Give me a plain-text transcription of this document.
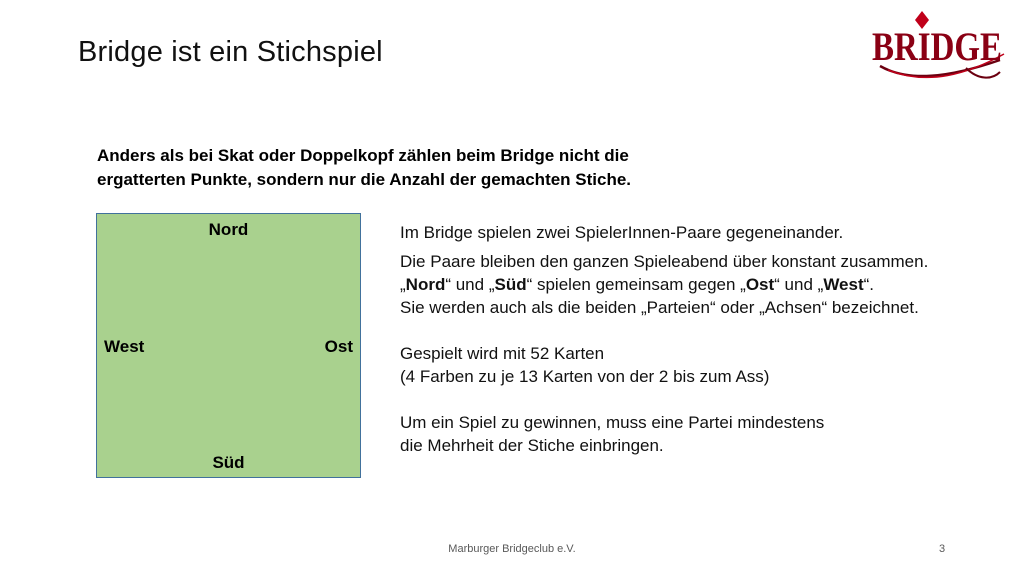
Bridge ist ein Stichspiel	BRIDGE

Anders als bei Skat oder Doppelkopf zählen beim Bridge nicht die
ergatterten Punkte, sondern nur die Anzahl der gemachten Stiche.

Nord
West	Ost
Süd

Im Bridge spielen zwei SpielerInnen-Paare gegeneinander.

Die Paare bleiben den ganzen Spieleabend über konstant zusammen.

„Nord“ und „Süd“ spielen gemeinsam gegen „Ost“ und „West“.

Sie werden auch als die beiden „Parteien“ oder „Achsen“ bezeichnet.

Gespielt wird mit 52 Karten

(4 Farben zu je 13 Karten von der 2 bis zum Ass)

Um ein Spiel zu gewinnen, muss eine Partei mindestens

die Mehrheit der Stiche einbringen.

Marburger Bridgeclub e.V.	3
